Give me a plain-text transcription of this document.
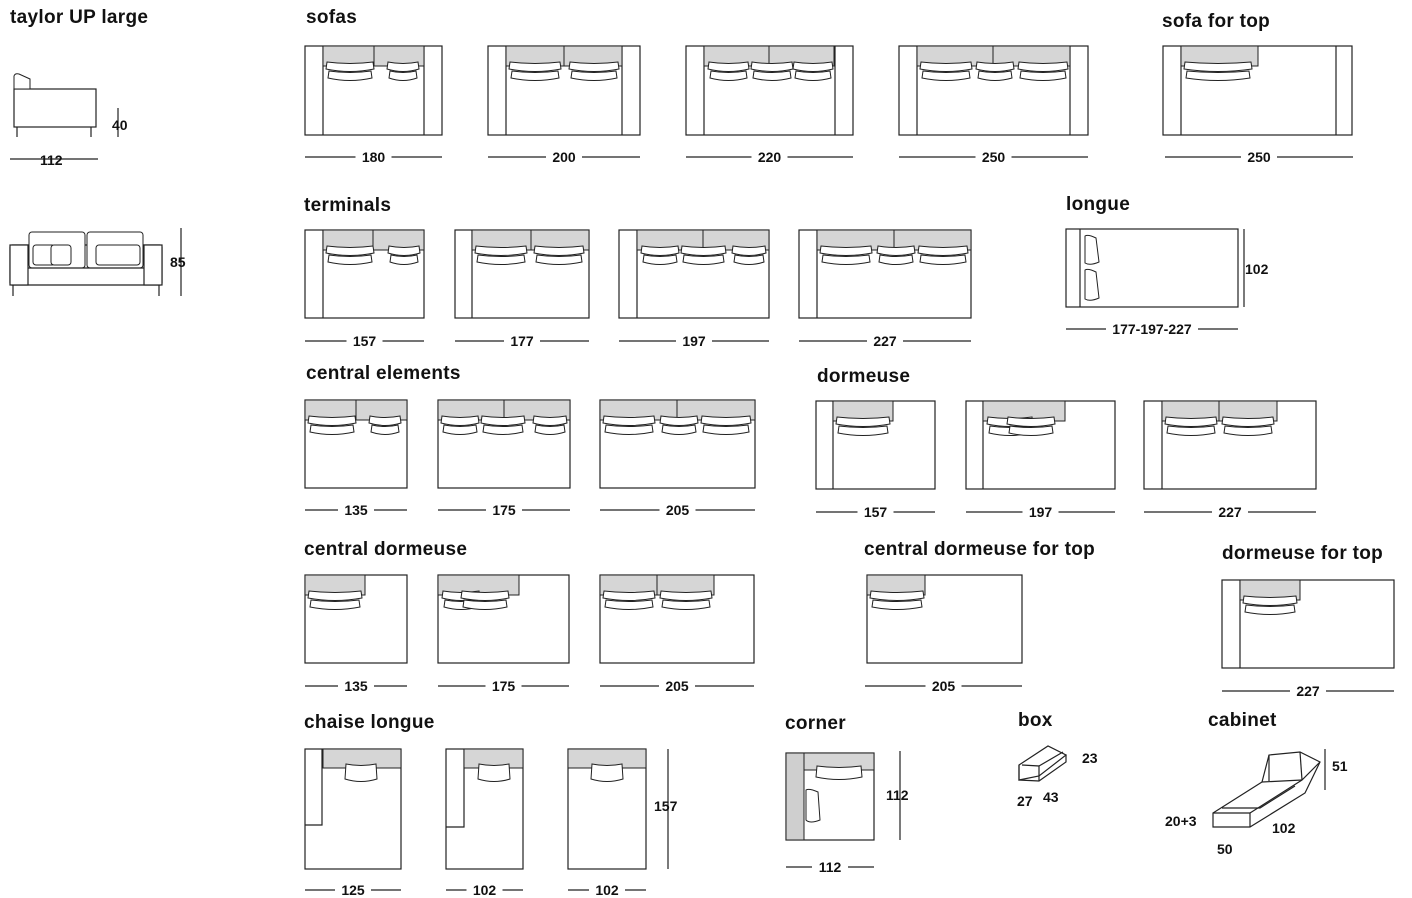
taylor UP large	sofas	sofa for top
terminals	longue
central elements	dormeuse
central dormeuse	central dormeuse for top	dormeuse for top
chaise longue	corner	box	cabinet
40
112
85
180	200	220	250	250
157	177	197	227
102
177-197-227
135	175	205	157	197	227
135	175	205	205	227
125	102
157
102
112
112
23
27 43
51
102
50
20+3
